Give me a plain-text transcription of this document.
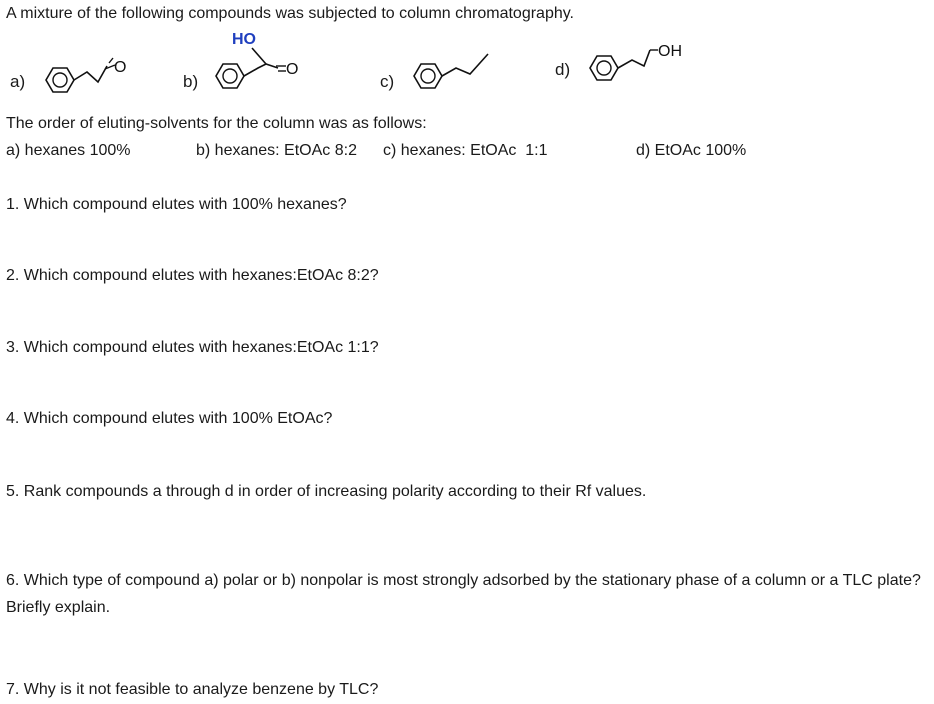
A mixture of the following compounds was subjected to column chromatography.
a)
O
b)
HO
O
c)
d)
OH
The order of eluting-solvents for the column was as follows:
a) hexanes 100%	b) hexanes: EtOAc 8:2 c) hexanes: EtOAc  1:1	d) EtOAc 100%
1. Which compound elutes with 100% hexanes?
2. Which compound elutes with hexanes:EtOAc 8:2?
3. Which compound elutes with hexanes:EtOAc 1:1?
4. Which compound elutes with 100% EtOAc?
5. Rank compounds a through d in order of increasing polarity according to their Rf values.
6. Which type of compound a) polar or b) nonpolar is most strongly adsorbed by the stationary phase of a column or a TLC plate? Briefly explain.
7. Why is it not feasible to analyze benzene by TLC?
